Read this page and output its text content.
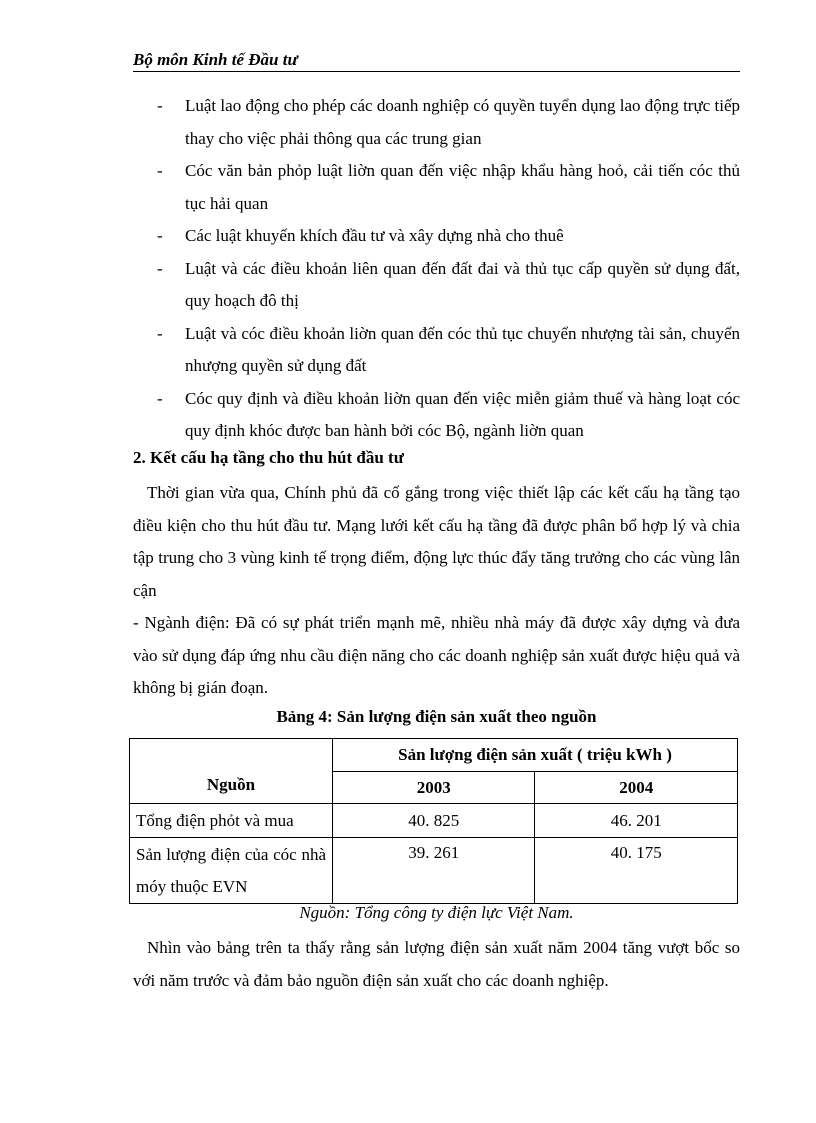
Bộ môn Kinh tế Đầu tư
- Luật lao động cho phép các doanh nghiệp có quyền tuyển dụng lao động trực tiếp thay cho việc phải thông qua các trung gian
- Cóc văn bản phỏp luật liờn quan đến việc nhập khẩu hàng hoỏ, cải tiến cóc thủ tục hải quan
- Các luật khuyến khích đầu tư và xây dựng nhà cho thuê
- Luật và các điều khoản liên quan đến đất đai và thủ tục cấp quyền sử dụng đất, quy hoạch đô thị
- Luật và cóc điều khoản liờn quan đến cóc thủ tục chuyển nhượng tài sản, chuyển nhượng quyền sử dụng đất
- Cóc quy định và điều khoản liờn quan đến việc miễn giảm thuế và hàng loạt cóc quy định khóc được ban hành bởi cóc Bộ, ngành liờn quan
2. Kết cấu hạ tầng cho thu hút đầu tư
Thời gian vừa qua, Chính phủ đã cố gắng trong việc thiết lập các kết cấu hạ tầng tạo điều kiện cho thu hút đầu tư. Mạng lưới kết cấu hạ tầng đã được phân bổ hợp lý và chia tập trung cho 3 vùng kinh tế trọng điểm, động lực thúc đẩy tăng trưởng cho các vùng lân cận
- Ngành điện: Đã có sự phát triển mạnh mẽ, nhiều nhà máy đã được xây dựng và đưa vào sử dụng đáp ứng nhu cầu điện năng cho các doanh nghiệp sản xuất được hiệu quả và không bị gián đoạn.
Bảng 4: Sản lượng điện sản xuất theo nguồn
Nguồn	Sản lượng điện sản xuất ( triệu kWh )	
	2003	2004
Tổng điện phỏt và mua	40. 825	46. 201
Sản lượng điện của cóc nhà móy thuộc EVN	39. 261	40. 175
Nguồn: Tổng công ty điện lực Việt Nam.
Nhìn vào bảng trên ta thấy rằng sản lượng điện sản xuất năm 2004 tăng vượt bốc so với năm trước và đảm bảo nguồn điện sản xuất cho các doanh nghiệp.
